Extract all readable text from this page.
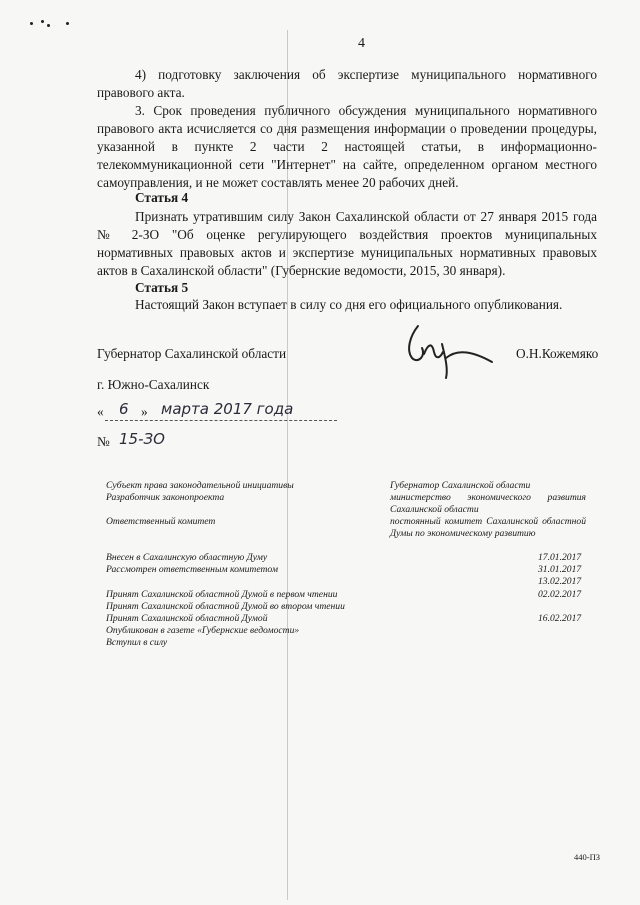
4
4) подготовку заключения об экспертизе муниципального нормативного правового акта.
3. Срок проведения публичного обсуждения муниципального нормативного правового акта исчисляется со дня размещения информации о проведении процедуры, указанной в пункте 2 части 2 настоящей статьи, в информационно-телекоммуникационной сети "Интернет" на сайте, определенном органом местного самоуправления, и не может составлять менее 20 рабочих дней.
Статья 4
Признать утратившим силу Закон Сахалинской области от 27 января 2015 года № 2-ЗО "Об оценке регулирующего воздействия проектов муниципальных нормативных правовых актов и экспертизе муниципальных нормативных правовых актов в Сахалинской области" (Губернские ведомости, 2015, 30 января).
Статья 5
Настоящий Закон вступает в силу со дня его официального опубликования.
Губернатор Сахалинской области	О.Н.Кожемяко
г. Южно-Сахалинск
« 6 » марта 2017 года
№ 15-ЗО
Субъект права законодательной инициативы
Разработчик законопроекта
Ответственный комитет
Внесен в Сахалинскую областную Думу
Рассмотрен ответственным комитетом
Принят Сахалинской областной Думой в первом чтении
Принят Сахалинской областной Думой во втором чтении
Принят Сахалинской областной Думой
Опубликован в газете «Губернские ведомости»
Вступил в силу
Губернатор Сахалинской области
министерство экономического развития Сахалинской области
постоянный комитет Сахалинской областной Думы по экономическому развитию
17.01.2017
31.01.2017
13.02.2017
02.02.2017
16.02.2017
440-ПЗ
